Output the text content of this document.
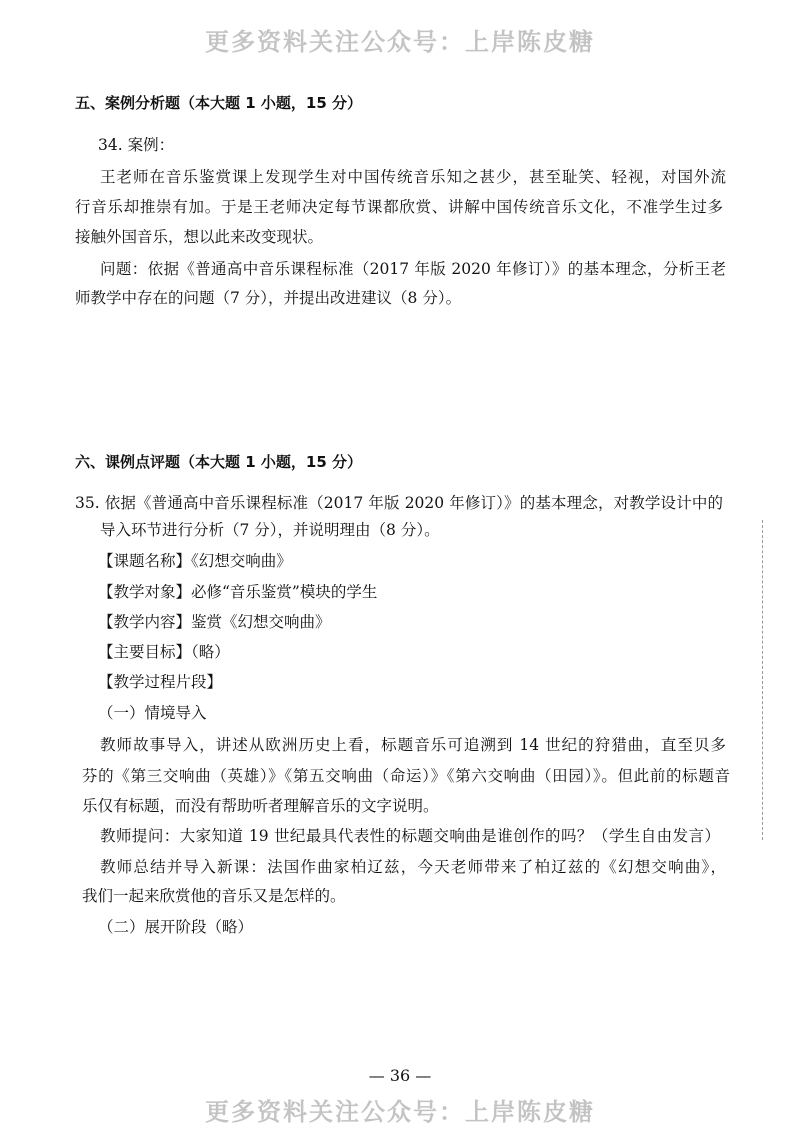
更多资料关注公众号：上岸陈皮糖
五、案例分析题（本大题 1 小题，15 分）
34. 案例：
王老师在音乐鉴赏课上发现学生对中国传统音乐知之甚少，甚至耻笑、轻视，对国外流
行音乐却推崇有加。于是王老师决定每节课都欣赏、讲解中国传统音乐文化，不准学生过多
接触外国音乐，想以此来改变现状。
问题：依据《普通高中音乐课程标准（2017 年版 2020 年修订）》的基本理念，分析王老
师教学中存在的问题（7 分），并提出改进建议（8 分）。
六、课例点评题（本大题 1 小题，15 分）
35. 依据《普通高中音乐课程标准（2017 年版 2020 年修订）》的基本理念，对教学设计中的
导入环节进行分析（7 分），并说明理由（8 分）。
【课题名称】《幻想交响曲》
【教学对象】必修“音乐鉴赏”模块的学生
【教学内容】鉴赏《幻想交响曲》
【主要目标】（略）
【教学过程片段】
（一）情境导入
教师故事导入，讲述从欧洲历史上看，标题音乐可追溯到 14 世纪的狩猎曲，直至贝多
芬的《第三交响曲（英雄）》《第五交响曲（命运）》《第六交响曲（田园）》。但此前的标题音
乐仅有标题，而没有帮助听者理解音乐的文字说明。
教师提问：大家知道 19 世纪最具代表性的标题交响曲是谁创作的吗？（学生自由发言）
教师总结并导入新课：法国作曲家柏辽兹，今天老师带来了柏辽兹的《幻想交响曲》，
我们一起来欣赏他的音乐又是怎样的。
（二）展开阶段（略）
— 36 —
更多资料关注公众号：上岸陈皮糖
